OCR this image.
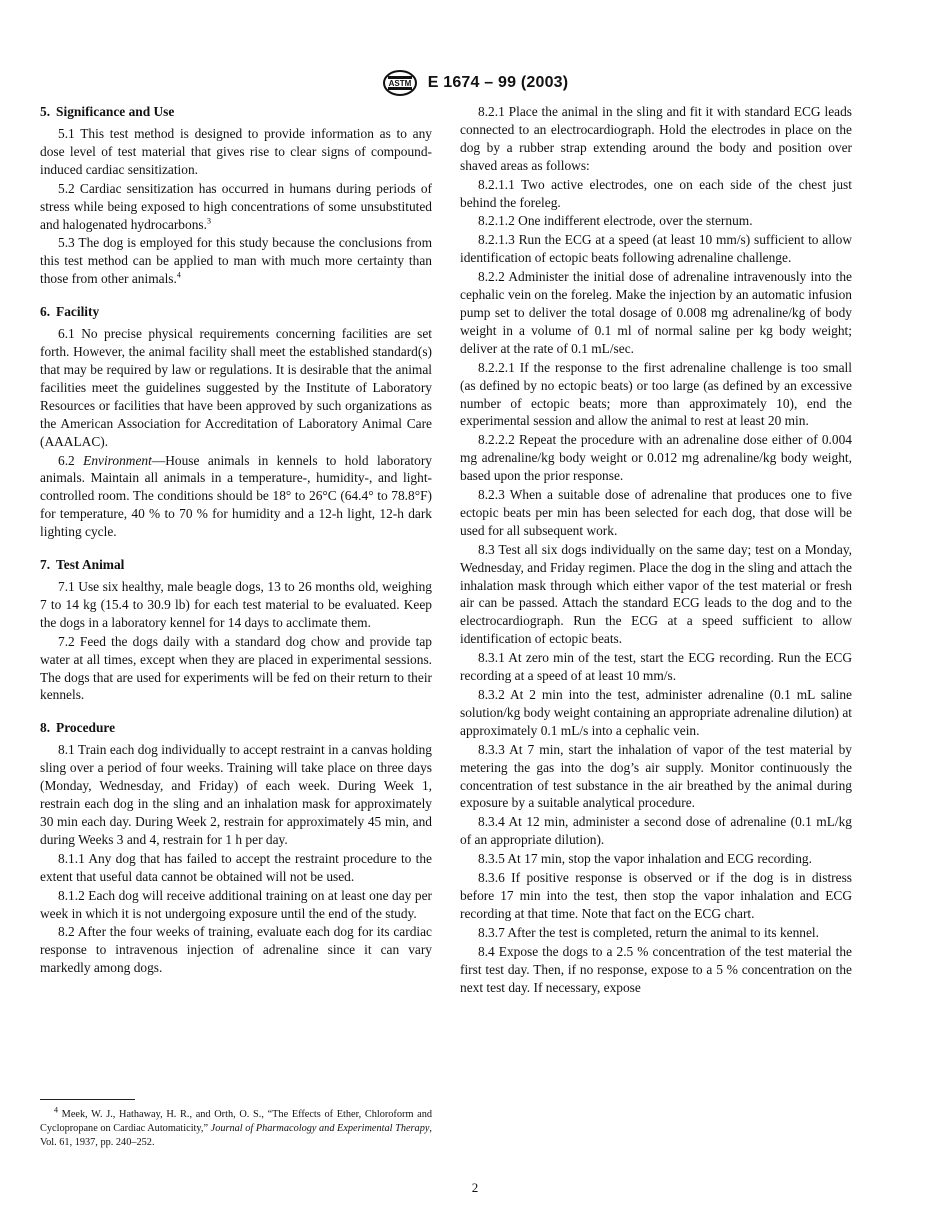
ASTM E 1674 – 99 (2003)
5. Significance and Use

5.1 This test method is designed to provide information as to any dose level of test material that gives rise to clear signs of compound-induced cardiac sensitization.

5.2 Cardiac sensitization has occurred in humans during periods of stress while being exposed to high concentrations of some unsubstituted and halogenated hydrocarbons.$^3$

5.3 The dog is employed for this study because the conclusions from this test method can be applied to man with much more certainty than those from other animals.$^4$

6. Facility

6.1 No precise physical requirements concerning facilities are set forth. However, the animal facility shall meet the established standard(s) that may be required by law or regulations. It is desirable that the animal facilities meet the guidelines suggested by the Institute of Laboratory Resources or facilities that have been approved by such organizations as the American Association for Accreditation of Laboratory Animal Care (AAALAC).

6.2 Environment—House animals in kennels to hold laboratory animals. Maintain all animals in a temperature-, humidity-, and light-controlled room. The conditions should be 18° to 26°C (64.4° to 78.8°F) for temperature, 40 % to 70 % for humidity and a 12-h light, 12-h dark lighting cycle.

7. Test Animal

7.1 Use six healthy, male beagle dogs, 13 to 26 months old, weighing 7 to 14 kg (15.4 to 30.9 lb) for each test material to be evaluated. Keep the dogs in a laboratory kennel for 14 days to acclimate them.

7.2 Feed the dogs daily with a standard dog chow and provide tap water at all times, except when they are placed in experimental sessions. The dogs that are used for experiments will be fed on their return to their kennels.

8. Procedure

8.1 Train each dog individually to accept restraint in a canvas holding sling over a period of four weeks. Training will take place on three days (Monday, Wednesday, and Friday) of each week. During Week 1, restrain each dog in the sling and an inhalation mask for approximately 30 min each day. During Week 2, restrain for approximately 45 min, and during Weeks 3 and 4, restrain for 1 h per day.

8.1.1 Any dog that has failed to accept the restraint procedure to the extent that useful data cannot be obtained will not be used.

8.1.2 Each dog will receive additional training on at least one day per week in which it is not undergoing exposure until the end of the study.

8.2 After the four weeks of training, evaluate each dog for its cardiac response to intravenous injection of adrenaline since it can vary markedly among dogs.

8.2.1 Place the animal in the sling and fit it with standard ECG leads connected to an electrocardiograph. Hold the electrodes in place on the dog by a rubber strap extending around the body and position over shaved areas as follows:

8.2.1.1 Two active electrodes, one on each side of the chest just behind the foreleg.

8.2.1.2 One indifferent electrode, over the sternum.

8.2.1.3 Run the ECG at a speed (at least 10 mm/s) sufficient to allow identification of ectopic beats following adrenaline challenge.

8.2.2 Administer the initial dose of adrenaline intravenously into the cephalic vein on the foreleg. Make the injection by an automatic infusion pump set to deliver the total dosage of 0.008 mg adrenaline/kg of body weight in a volume of 0.1 ml of normal saline per kg body weight; deliver at the rate of 0.1 mL/sec.

8.2.2.1 If the response to the first adrenaline challenge is too small (as defined by no ectopic beats) or too large (as defined by an excessive number of ectopic beats; more than approximately 10), end the experimental session and allow the animal to rest at least 20 min.

8.2.2.2 Repeat the procedure with an adrenaline dose either of 0.004 mg adrenaline/kg body weight or 0.012 mg adrenaline/kg body weight, based upon the prior response.

8.2.3 When a suitable dose of adrenaline that produces one to five ectopic beats per min has been selected for each dog, that dose will be used for all subsequent work.

8.3 Test all six dogs individually on the same day; test on a Monday, Wednesday, and Friday regimen. Place the dog in the sling and attach the inhalation mask through which either vapor of the test material or fresh air can be passed. Attach the standard ECG leads to the dog and to the electrocardiograph. Run the ECG at a speed sufficient to allow identification of ectopic beats.

8.3.1 At zero min of the test, start the ECG recording. Run the ECG recording at a speed of at least 10 mm/s.

8.3.2 At 2 min into the test, administer adrenaline (0.1 mL saline solution/kg body weight containing an appropriate adrenaline dilution) at approximately 0.1 mL/s into a cephalic vein.

8.3.3 At 7 min, start the inhalation of vapor of the test material by metering the gas into the dog’s air supply. Monitor continuously the concentration of test substance in the air breathed by the animal during exposure by a suitable analytical procedure.

8.3.4 At 12 min, administer a second dose of adrenaline (0.1 mL/kg of an appropriate dilution).

8.3.5 At 17 min, stop the vapor inhalation and ECG recording.

8.3.6 If positive response is observed or if the dog is in distress before 17 min into the test, then stop the vapor inhalation and ECG recording at that time. Note that fact on the ECG chart.

8.3.7 After the test is completed, return the animal to its kennel.

8.4 Expose the dogs to a 2.5 % concentration of the test material the first test day. Then, if no response, expose to a 5 % concentration on the next test day. If necessary, expose

$^4$ Meek, W. J., Hathaway, H. R., and Orth, O. S., “The Effects of Ether, Chloroform and Cyclopropane on Cardiac Automaticity,” Journal of Pharmacology and Experimental Therapy, Vol. 61, 1937, pp. 240–252.
2
